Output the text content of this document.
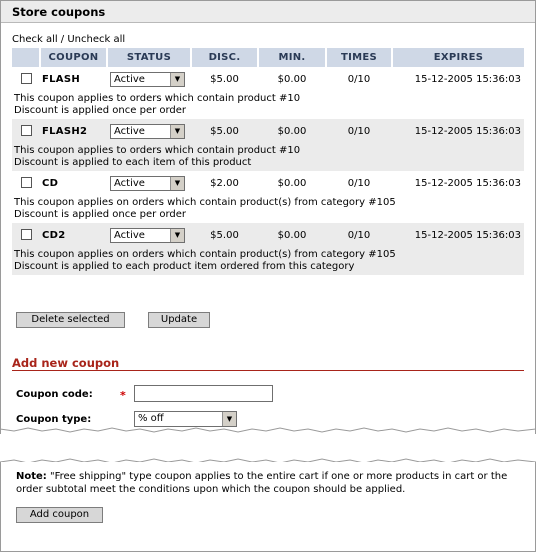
Store coupons
Check all / Uncheck all
	COUPON	STATUS	DISC.	MIN.	TIMES	EXPIRES
	FLASH	Active ▼	$5.00	$0.00	0/10	15-12-2005 15:36:03

This coupon applies to orders which contain product #10
Discount is applied once per order						

	FLASH2	Active ▼	$5.00	$0.00	0/10	15-12-2005 15:36:03

This coupon applies to orders which contain product #10
Discount is applied to each item of this product						

	CD	Active ▼	$2.00	$0.00	0/10	15-12-2005 15:36:03

This coupon applies on orders which contain product(s) from category #105
Discount is applied once per order						

	CD2	Active ▼	$5.00	$0.00	0/10	15-12-2005 15:36:03

This coupon applies on orders which contain product(s) from category #105
Discount is applied to each product item ordered from this category						
Delete selected	Update
Add new coupon
Coupon code: *
Coupon type:	% off	▼
Note: "Free shipping" type coupon applies to the entire cart if one or more products in cart or the order subtotal meet the conditions upon which the coupon should be applied.
Add coupon
